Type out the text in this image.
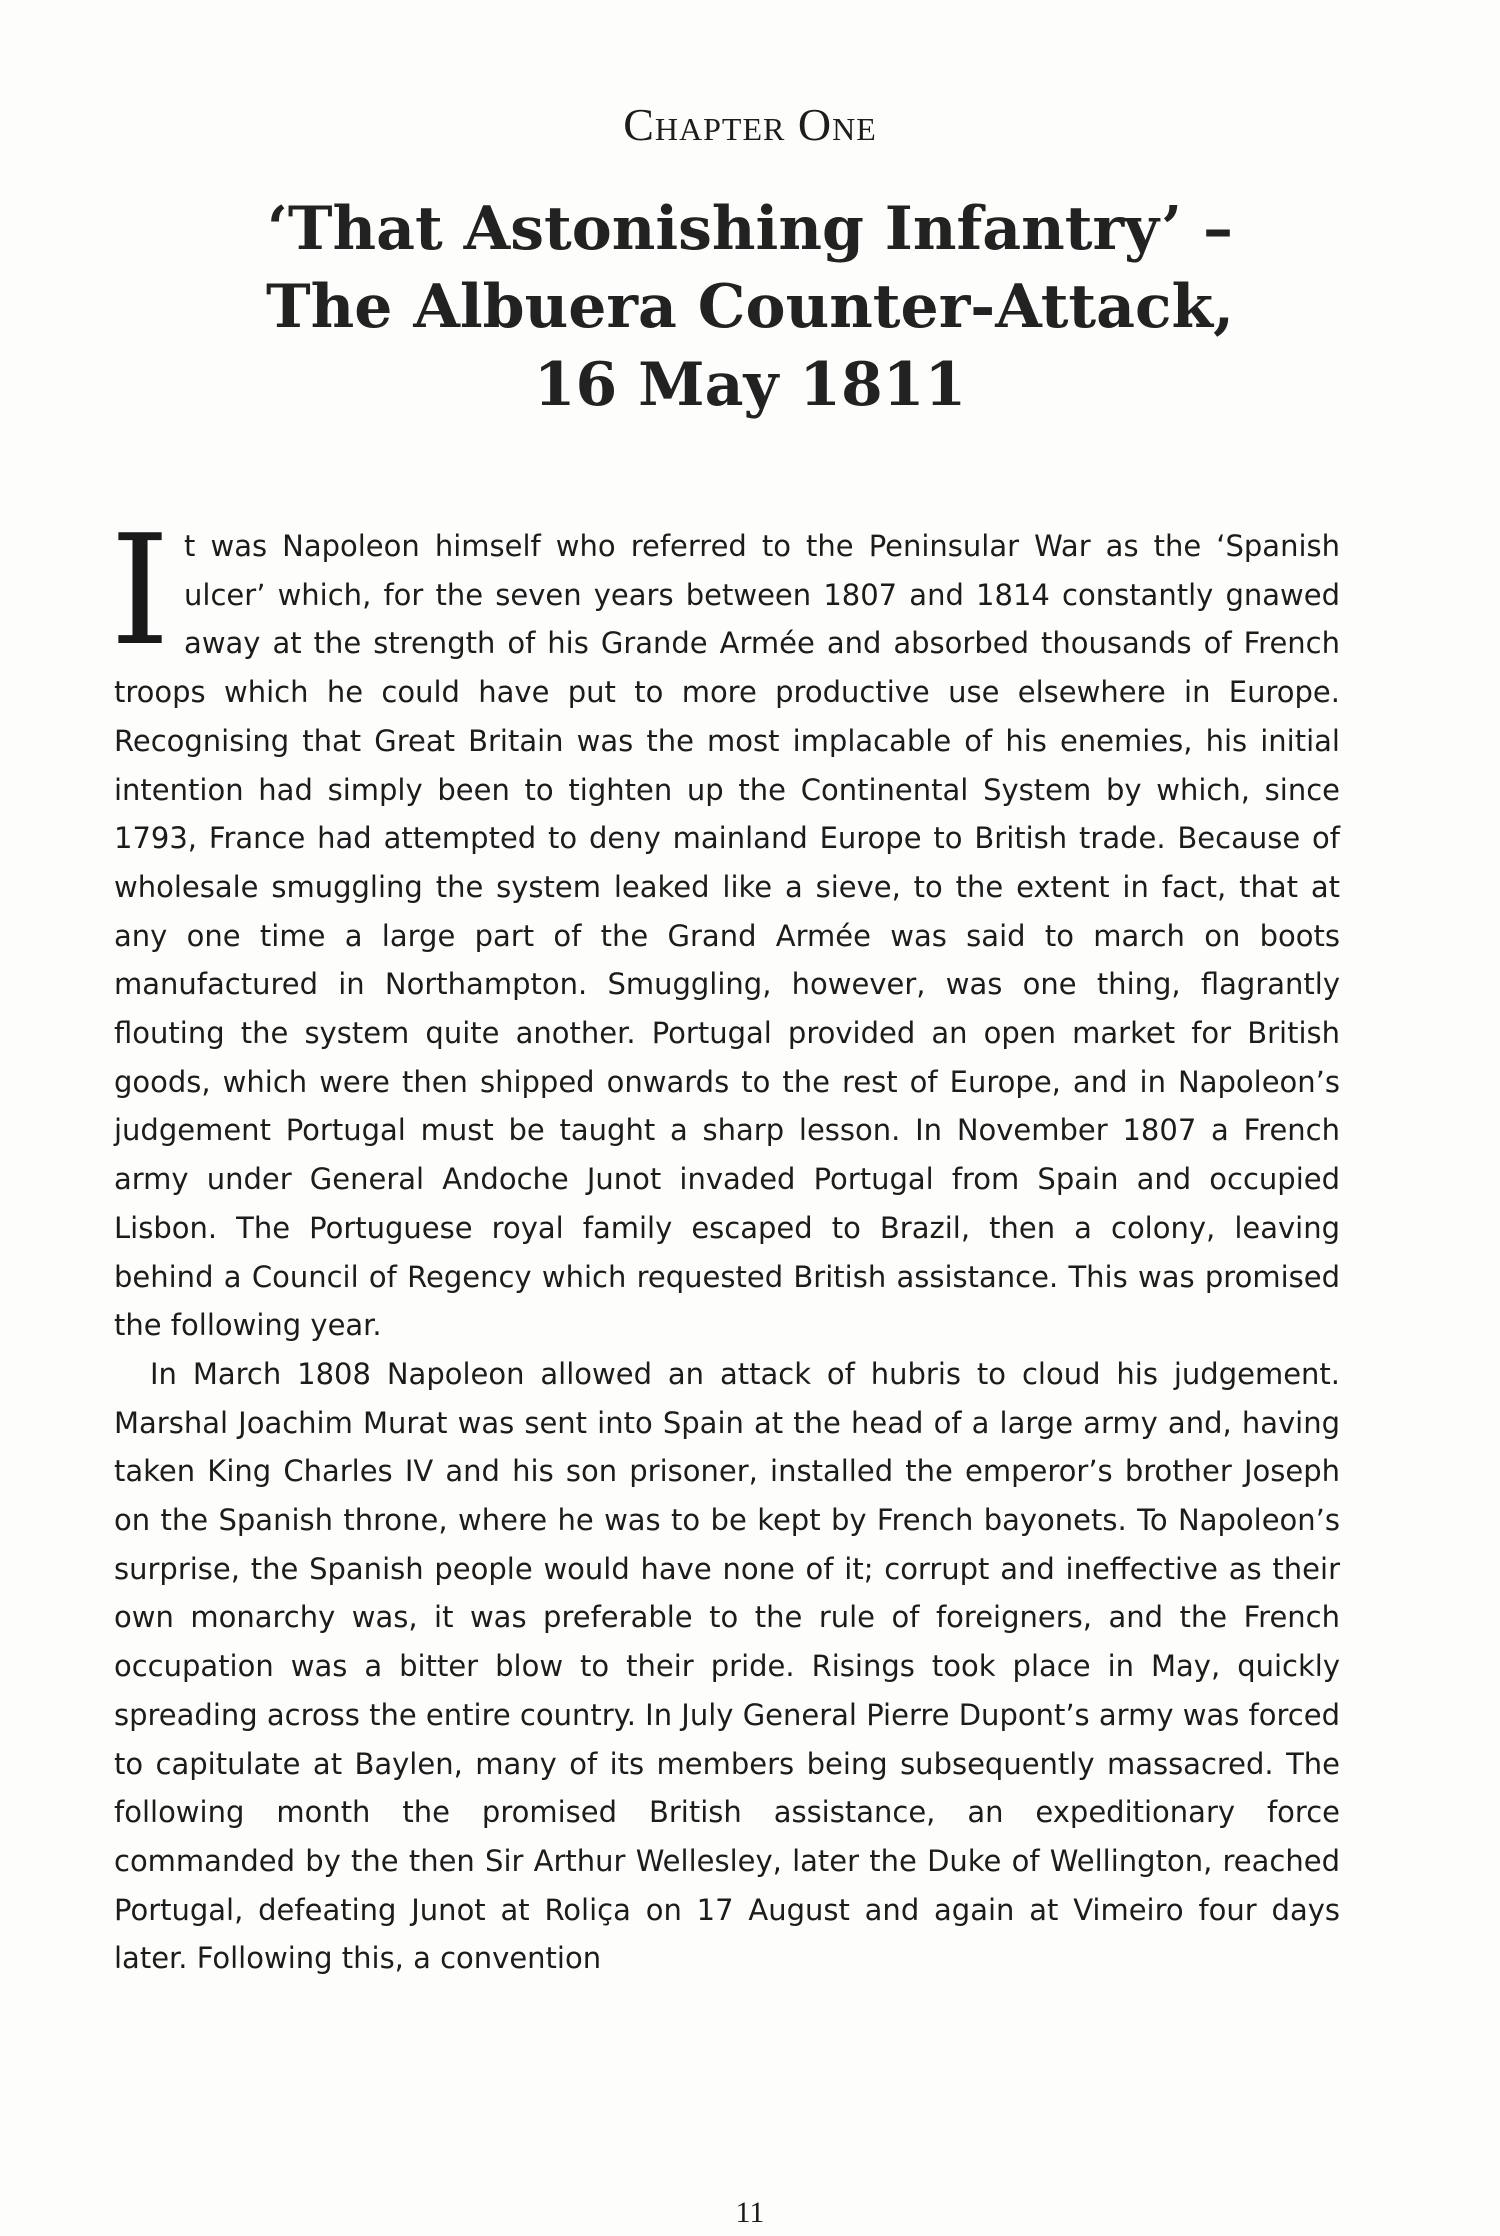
Chapter One
‘That Astonishing Infantry’ –
The Albuera Counter-Attack,
16 May 1811

It was Napoleon himself who referred to the Peninsular War as the ‘Spanish ulcer’ which, for the seven years between 1807 and 1814 constantly gnawed away at the strength of his Grande Armée and absorbed thousands of French troops which he could have put to more productive use elsewhere in Europe. Recognising that Great Britain was the most implacable of his enemies, his initial intention had simply been to tighten up the Continental System by which, since 1793, France had attempted to deny mainland Europe to British trade. Because of wholesale smuggling the system leaked like a sieve, to the extent in fact, that at any one time a large part of the Grand Armée was said to march on boots manufactured in Northampton. Smuggling, however, was one thing, flagrantly flouting the system quite another. Portugal provided an open market for British goods, which were then shipped onwards to the rest of Europe, and in Napoleon’s judgement Portugal must be taught a sharp lesson. In November 1807 a French army under General Andoche Junot invaded Portugal from Spain and occupied Lisbon. The Portuguese royal family escaped to Brazil, then a colony, leaving behind a Council of Regency which requested British assistance. This was promised the following year.

In March 1808 Napoleon allowed an attack of hubris to cloud his judgement. Marshal Joachim Murat was sent into Spain at the head of a large army and, having taken King Charles IV and his son prisoner, installed the emperor’s brother Joseph on the Spanish throne, where he was to be kept by French bayonets. To Napoleon’s surprise, the Spanish people would have none of it; corrupt and ineffective as their own monarchy was, it was preferable to the rule of foreigners, and the French occupation was a bitter blow to their pride. Risings took place in May, quickly spreading across the entire country. In July General Pierre Dupont’s army was forced to capitulate at Baylen, many of its members being subsequently massacred. The following month the promised British assistance, an expeditionary force commanded by the then Sir Arthur Wellesley, later the Duke of Wellington, reached Portugal, defeating Junot at Roliça on 17 August and again at Vimeiro four days later. Following this, a convention

11
